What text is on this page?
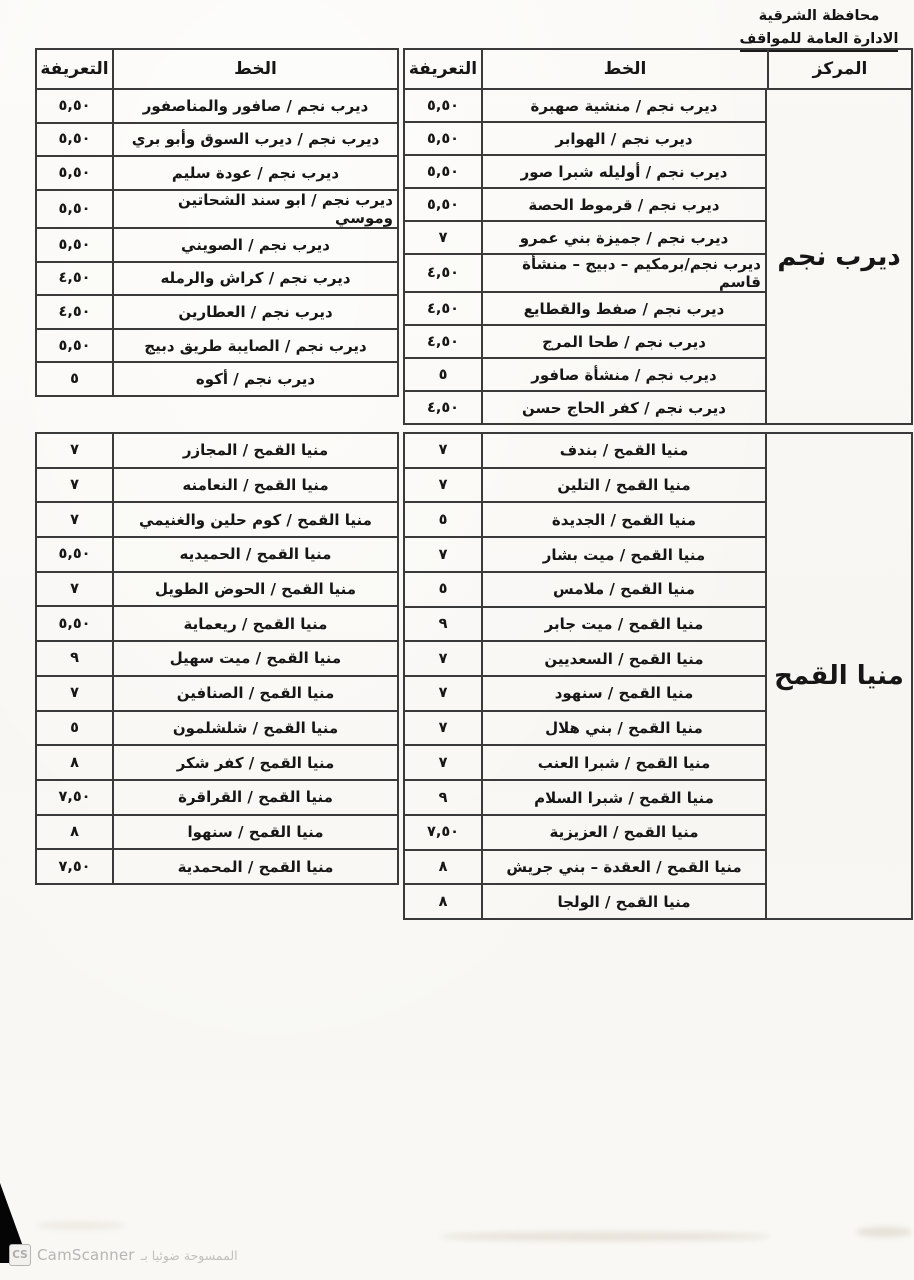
محافظة الشرقية
الادارة العامة للمواقف
التعريفة	الخط	التعريفة	الخط	المركز
٥,٥٠	ديرب نجم / منشية صهبرة
٥,٥٠	ديرب نجم / الهوابر
٥,٥٠	ديرب نجم / أوليله شبرا صور
٥,٥٠	ديرب نجم / قرموط الحصة
٧	ديرب نجم / جميزة بني عمرو
٤,٥٠	ديرب نجم/برمكيم – دبيج – منشأة قاسم
٤,٥٠	ديرب نجم / صفط والقطايع
٤,٥٠	ديرب نجم / طحا المرج
٥	ديرب نجم / منشأة صافور
٤,٥٠	ديرب نجم / كفر الحاج حسن
٥,٥٠	ديرب نجم / صافور والمناصفور
٥,٥٠	ديرب نجم / ديرب السوق وأبو بري
٥,٥٠	ديرب نجم / عودة سليم
٥,٥٠	ديرب نجم / ابو سند الشحاتين وموسي
٥,٥٠	ديرب نجم / الصويني
٤,٥٠	ديرب نجم / كراش والرمله
٤,٥٠	ديرب نجم / العطارين
٥,٥٠	ديرب نجم / الصايبة طريق دبيج
٥	ديرب نجم / أكوه
ديرب نجم
٧	منيا القمح / بندف
٧	منيا القمح / التلين
٥	منيا القمح / الجديدة
٧	منيا القمح / ميت بشار
٥	منيا القمح / ملامس
٩	منيا القمح / ميت جابر
٧	منيا القمح / السعديين
٧	منيا القمح / سنهود
٧	منيا القمح / بني هلال
٧	منيا القمح / شبرا العنب
٩	منيا القمح / شبرا السلام
٧,٥٠	منيا القمح / العزيزية
٨	منيا القمح / العقدة – بني جريش
٨	منيا القمح / الولجا
٧	منيا القمح / المجازر
٧	منيا القمح / النعامنه
٧	منيا القمح / كوم حلين والغنيمي
٥,٥٠	منيا القمح / الحميديه
٧	منيا القمح / الحوض الطويل
٥,٥٠	منيا القمح / ريعماية
٩	منيا القمح / ميت سهيل
٧	منيا القمح / الصنافين
٥	منيا القمح / شلشلمون
٨	منيا القمح / كفر شكر
٧,٥٠	منيا القمح / القراقرة
٨	منيا القمح / سنهوا
٧,٥٠	منيا القمح / المحمدية
منيا القمح
CS CamScanner الممسوحة ضوئيا بـ
